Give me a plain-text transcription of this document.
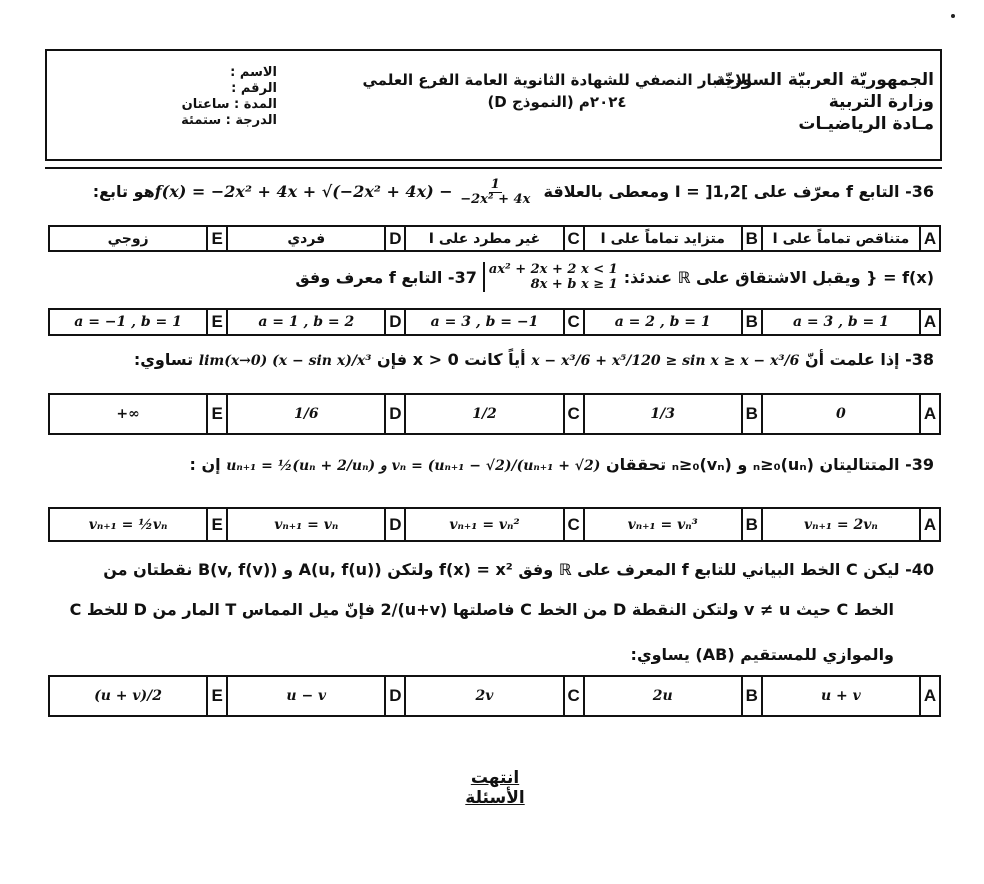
الجمهوريّة العربيّة السوريّة
وزارة التربية
مـادة الرياضيـات
الاختبار النصفي للشهادة الثانوية العامة الفرع العلمي
٢٠٢٤م (النموذج D)
الاسم :
الرقم :
المدة : ساعتان
الدرجة : ستمئة
36- التابع f معرّف على ]1,2[ = I ومعطى بالعلاقة $f(x) = -2x^2 + 4x + √(-2x^2 + 4x) - \frac{1}{\text{−2x² + 4x}}$
هو تابع:
A
متناقص تماماً على I
B
متزايد تماماً على I
C
غير مطرد على I
D
فردي
E
زوجي
37- التابع f معرف وفق ax² + 2x + 2 x < 1
8x + b x ≥ 1 f(x) = { ويقبل الاشتقاق على ℝ عندئذ:
A
a = 3 , b = 1
B
a = 2 , b = 1
C
a = 3 , b = −1
D
a = 1 , b = 2
E
a = −1 , b = 1
38- إذا علمت أنّ x − x³/6 + x⁵/120 ≥ sin x ≥ x − x³/6 أياً كانت x > 0 فإن lim(x→0) (x − sin x)/x³ تساوي:
A
0
B
1/3
C
1/2
D
1/6
E
+∞
39- المتتاليتان (uₙ)ₙ≥₀ و (vₙ)ₙ≥₀ تحققان uₙ₊₁ = ½(uₙ + 2/uₙ) و vₙ = (uₙ₊₁ − √2)/(uₙ₊₁ + √2) إن :
A
vₙ₊₁ = 2vₙ
B
vₙ₊₁ = vₙ³
C
vₙ₊₁ = vₙ²
D
vₙ₊₁ = vₙ
E
vₙ₊₁ = ½vₙ
40- ليكن C الخط البياني للتابع f المعرف على ℝ وفق f(x) = x² ولتكن A(u, f(u)) و B(v, f(v)) نقطتان من
الخط C حيث v ≠ u ولتكن النقطة D من الخط C فاصلتها (u+v)/2 فإنّ ميل المماس T المار من D للخط C
والموازي للمستقيم (AB) يساوي:
A
u + v
B
2u
C
2v
D
u − v
E
(u + v)/2
انتهت الأسئلة
